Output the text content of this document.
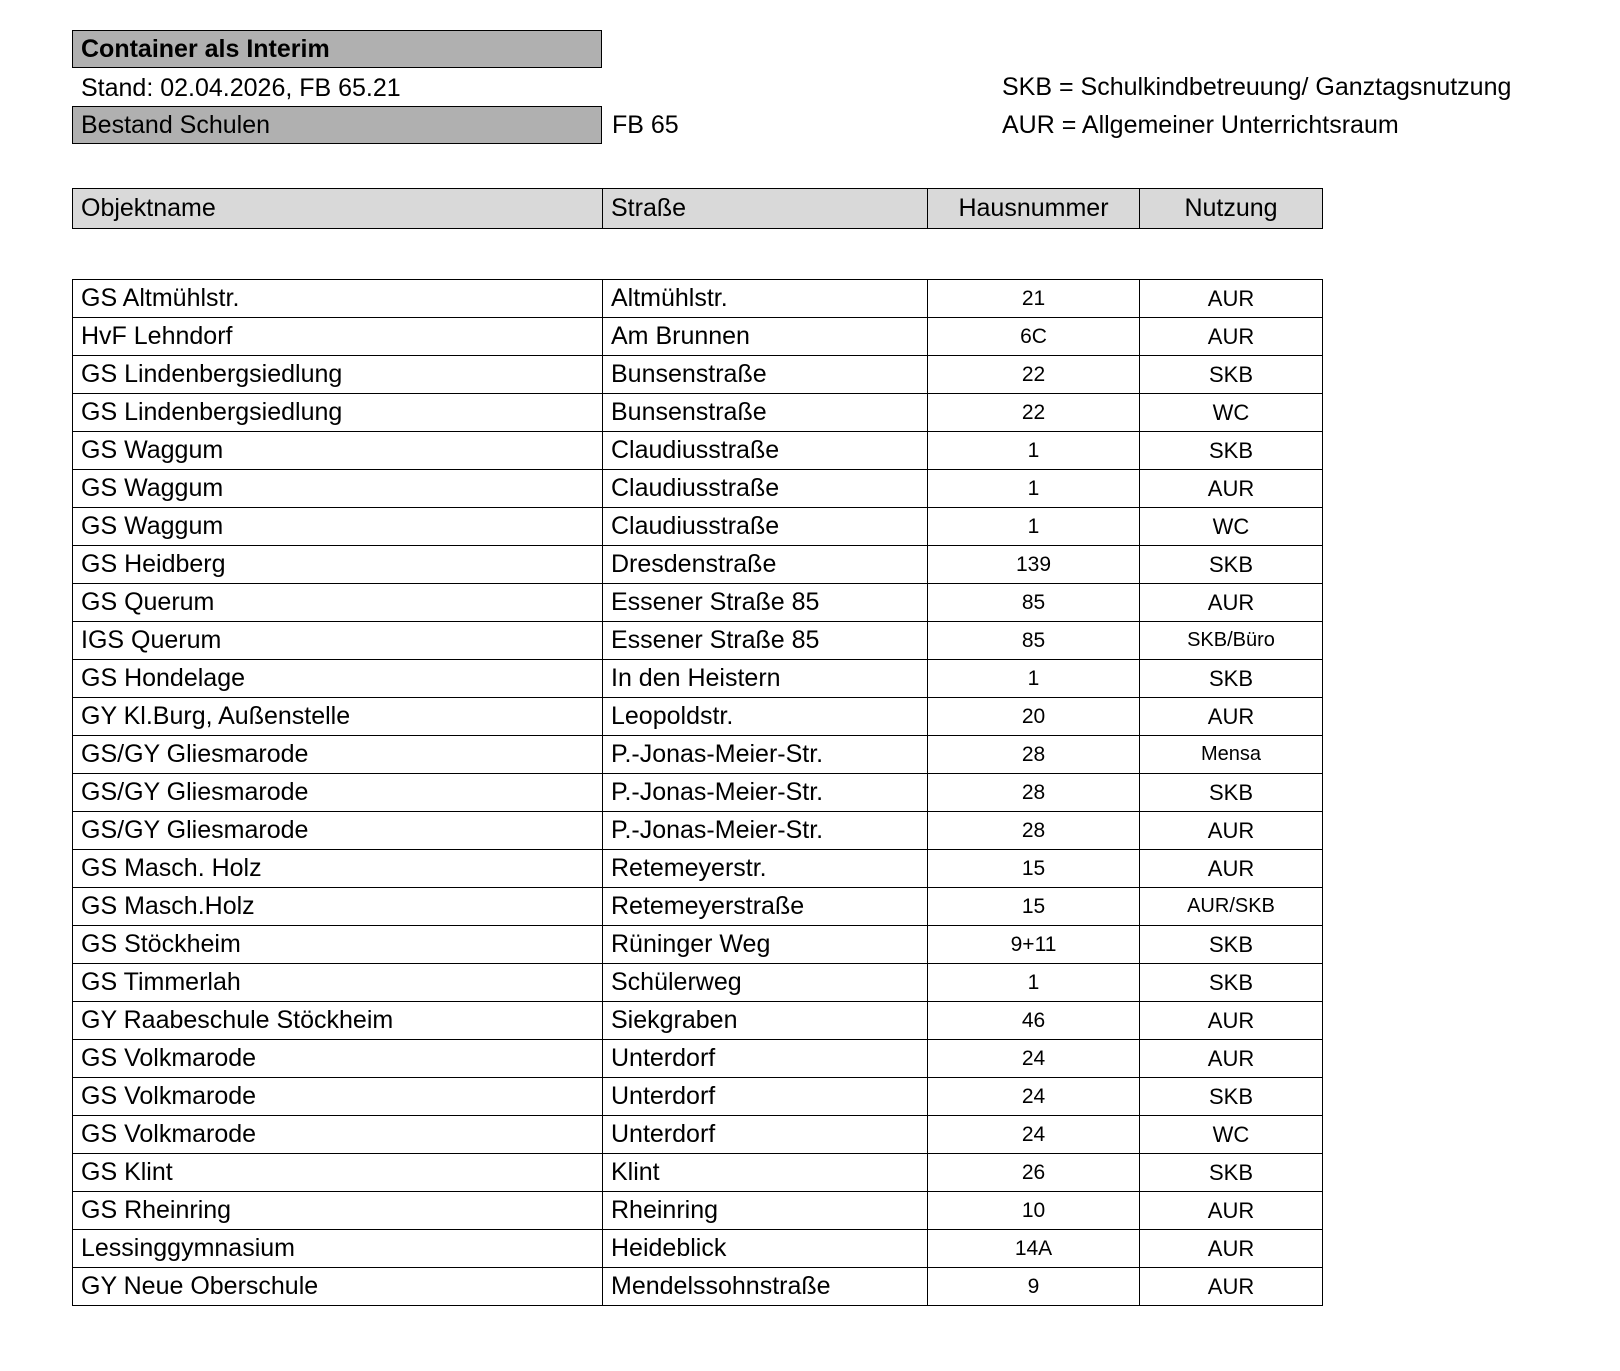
Container als Interim
Stand: 02.04.2026, FB 65.21
Bestand Schulen	FB 65
SKB = Schulkindbetreuung/ Ganztagsnutzung
AUR = Allgemeiner Unterrichtsraum
Objektname	Straße	Hausnummer	Nutzung

GS Altmühlstr.	Altmühlstr.	21	AUR
HvF Lehndorf	Am Brunnen	6C	AUR
GS Lindenbergsiedlung	Bunsenstraße	22	SKB
GS Lindenbergsiedlung	Bunsenstraße	22	WC
GS Waggum	Claudiusstraße	1	SKB
GS Waggum	Claudiusstraße	1	AUR
GS Waggum	Claudiusstraße	1	WC
GS Heidberg	Dresdenstraße	139	SKB
GS Querum	Essener Straße 85	85	AUR
IGS Querum	Essener Straße 85	85	SKB/Büro
GS Hondelage	In den Heistern	1	SKB
GY Kl.Burg, Außenstelle	Leopoldstr.	20	AUR
GS/GY Gliesmarode	P.-Jonas-Meier-Str.	28	Mensa
GS/GY Gliesmarode	P.-Jonas-Meier-Str.	28	SKB
GS/GY Gliesmarode	P.-Jonas-Meier-Str.	28	AUR
GS Masch. Holz	Retemeyerstr.	15	AUR
GS Masch.Holz	Retemeyerstraße	15	AUR/SKB
GS Stöckheim	Rüninger Weg	9+11	SKB
GS Timmerlah	Schülerweg	1	SKB
GY Raabeschule Stöckheim	Siekgraben	46	AUR
GS Volkmarode	Unterdorf	24	AUR
GS Volkmarode	Unterdorf	24	SKB
GS Volkmarode	Unterdorf	24	WC
GS Klint	Klint	26	SKB
GS Rheinring	Rheinring	10	AUR
Lessinggymnasium	Heideblick	14A	AUR
GY Neue Oberschule	Mendelssohnstraße	9	AUR
